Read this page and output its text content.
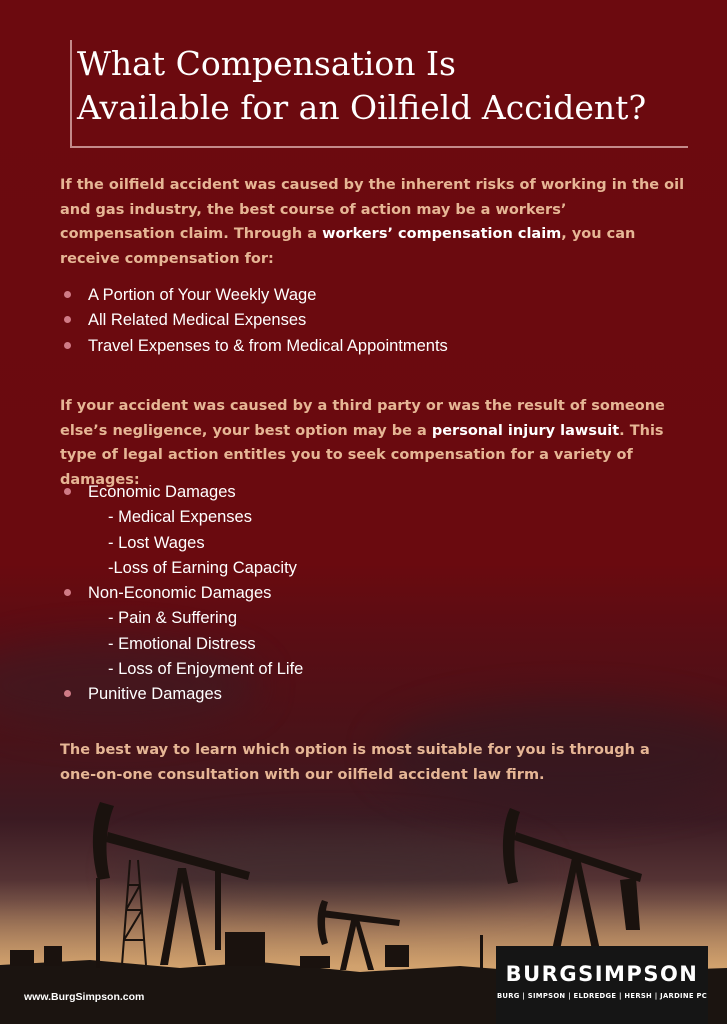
What Compensation Is
Available for an Oilfield Accident?

If the oilfield accident was caused by the inherent risks of working in the oil and gas industry, the best course of action may be a workers’ compensation claim. Through a workers’ compensation claim, you can receive compensation for:

A Portion of Your Weekly Wage
All Related Medical Expenses
Travel Expenses to & from Medical Appointments

If your accident was caused by a third party or was the result of someone else’s negligence, your best option may be a personal injury lawsuit. This type of legal action entitles you to seek compensation for a variety of damages:

Economic Damages
- Medical Expenses
- Lost Wages
-Loss of Earning Capacity
Non-Economic Damages
- Pain & Suffering
- Emotional Distress
- Loss of Enjoyment of Life
Punitive Damages

The best way to learn which option is most suitable for you is through a one-on-one consultation with our oilfield accident law firm.

www.BurgSimpson.com

BURGSIMPSON
BURG | SIMPSON | ELDREDGE | HERSH | JARDINE PC
